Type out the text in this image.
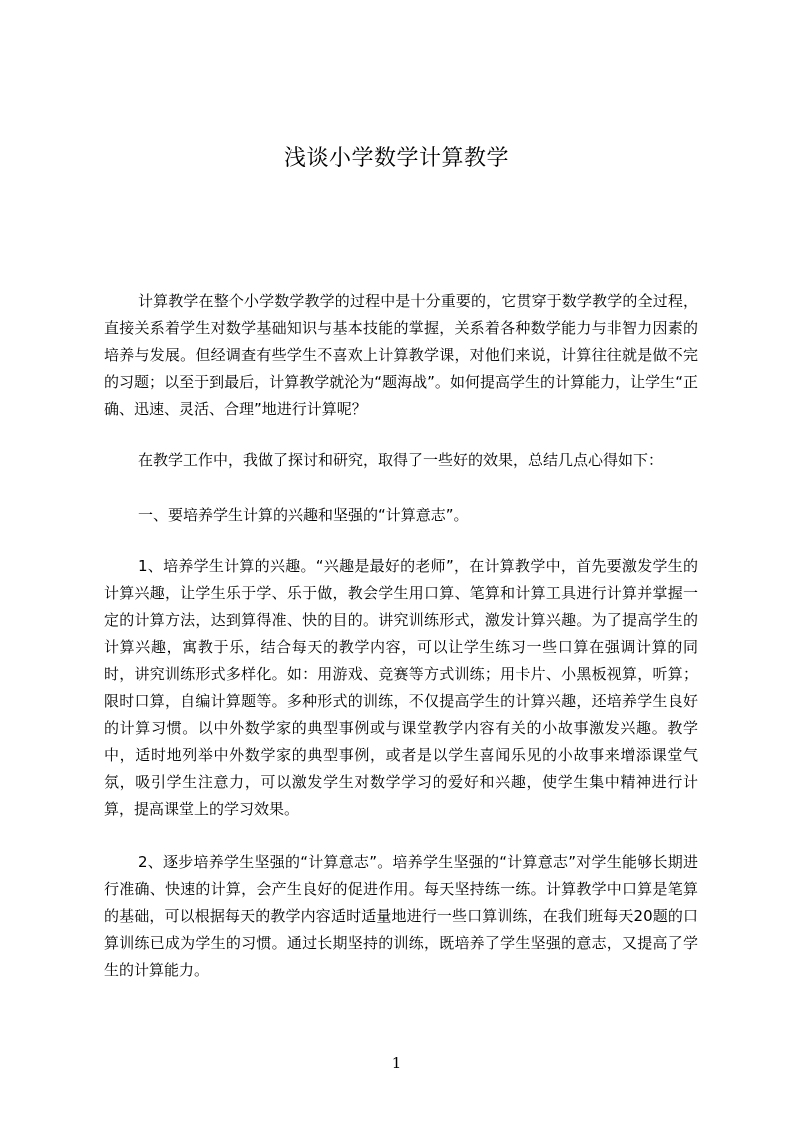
浅谈小学数学计算教学
计算教学在整个小学数学教学的过程中是十分重要的，它贯穿于数学教学的全过程，直接关系着学生对数学基础知识与基本技能的掌握，关系着各种数学能力与非智力因素的培养与发展。但经调查有些学生不喜欢上计算教学课，对他们来说，计算往往就是做不完的习题；以至于到最后，计算教学就沦为“题海战”。如何提高学生的计算能力，让学生“正确、迅速、灵活、合理”地进行计算呢？
在教学工作中，我做了探讨和研究，取得了一些好的效果，总结几点心得如下：
一、要培养学生计算的兴趣和坚强的“计算意志”。
1、培养学生计算的兴趣。“兴趣是最好的老师”，在计算教学中，首先要激发学生的计算兴趣，让学生乐于学、乐于做，教会学生用口算、笔算和计算工具进行计算并掌握一定的计算方法，达到算得准、快的目的。讲究训练形式，激发计算兴趣。为了提高学生的计算兴趣，寓教于乐，结合每天的教学内容，可以让学生练习一些口算在强调计算的同时，讲究训练形式多样化。如：用游戏、竞赛等方式训练；用卡片、小黑板视算，听算；限时口算，自编计算题等。多种形式的训练，不仅提高学生的计算兴趣，还培养学生良好的计算习惯。以中外数学家的典型事例或与课堂教学内容有关的小故事激发兴趣。教学中，适时地列举中外数学家的典型事例，或者是以学生喜闻乐见的小故事来增添课堂气氛，吸引学生注意力，可以激发学生对数学学习的爱好和兴趣，使学生集中精神进行计算，提高课堂上的学习效果。
2、逐步培养学生坚强的“计算意志”。培养学生坚强的“计算意志”对学生能够长期进行准确、快速的计算，会产生良好的促进作用。每天坚持练一练。计算教学中口算是笔算的基础，可以根据每天的教学内容适时适量地进行一些口算训练，在我们班每天20题的口算训练已成为学生的习惯。通过长期坚持的训练，既培养了学生坚强的意志，又提高了学生的计算能力。
1
